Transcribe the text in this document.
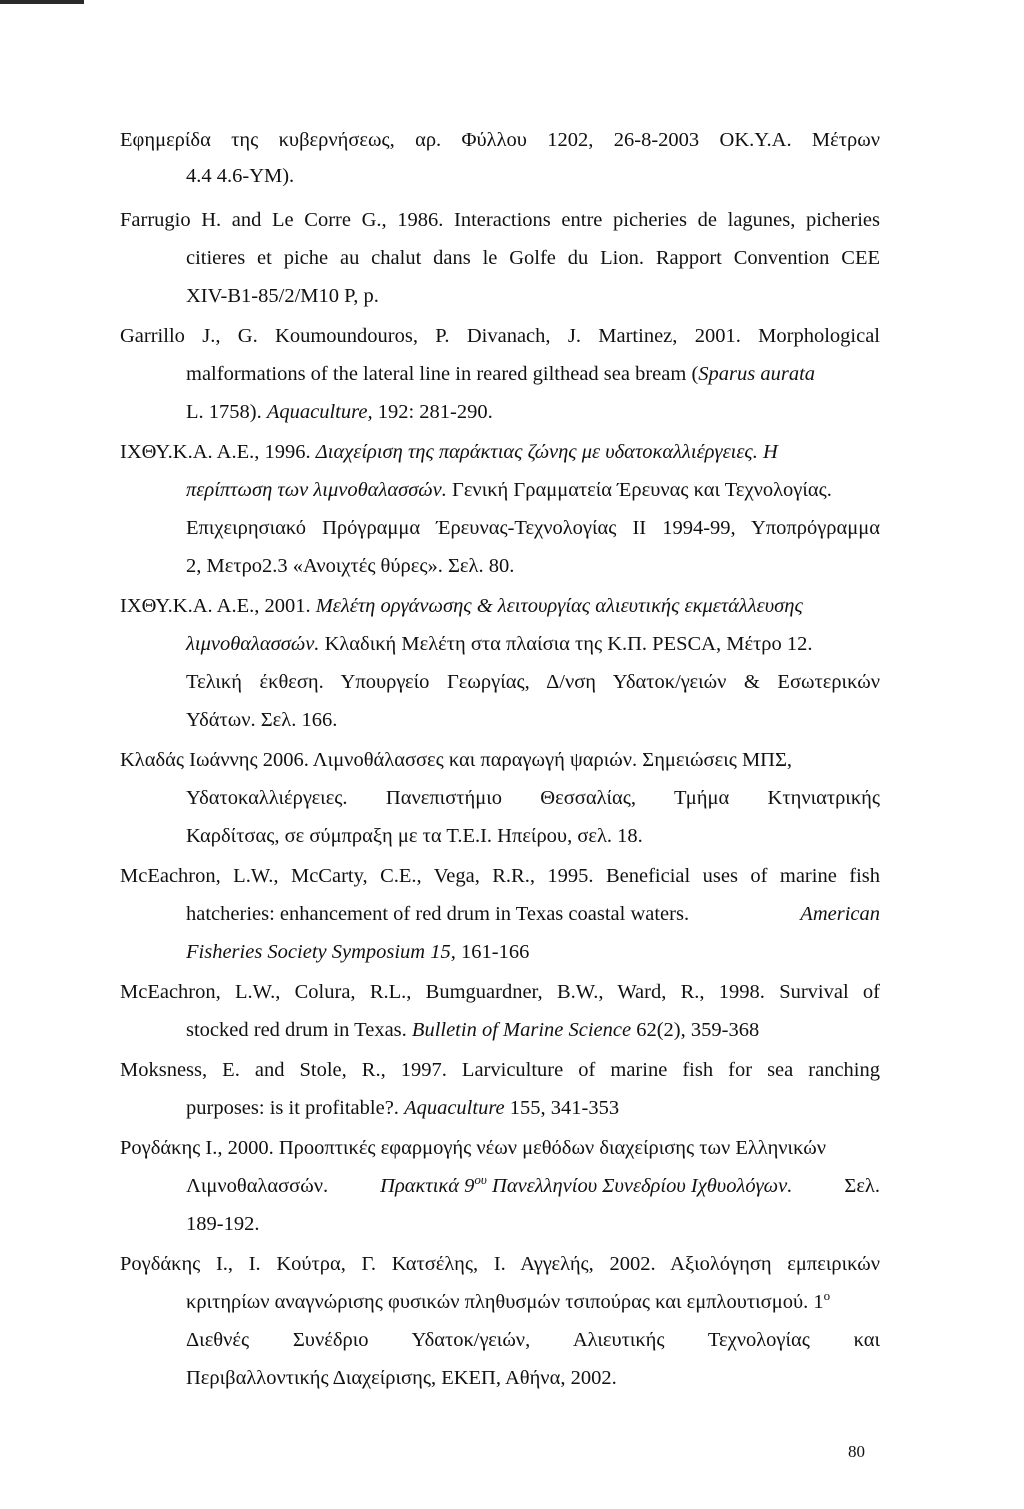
Εφημερίδα της κυβερνήσεως, αρ. Φύλλου 1202, 26-8-2003 ΟΚ.Υ.Α. Μέτρων
4.4 4.6-ΥΜ).
Farrugio H. and Le Corre G., 1986. Interactions entre picheries de lagunes, picheries
citieres et piche au chalut dans le Golfe du Lion. Rapport Convention CEE
XIV-B1-85/2/M10 P, p.
Garrillo J., G. Koumoundouros, P. Divanach, J. Martinez, 2001. Morphological
malformations of the lateral line in reared gilthead sea bream (Sparus aurata
L. 1758). Aquaculture, 192: 281-290.
ΙΧΘΥ.Κ.Α. Α.Ε., 1996. Διαχείριση της παράκτιας ζώνης με υδατοκαλλιέργειες. Η
περίπτωση των λιμνοθαλασσών. Γενική Γραμματεία Έρευνας και Τεχνολογίας.
Επιχειρησιακό Πρόγραμμα Έρευνας-Τεχνολογίας ΙΙ 1994-99, Υποπρόγραμμα
2, Μετρο2.3 «Ανοιχτές θύρες». Σελ. 80.
ΙΧΘΥ.Κ.Α. Α.Ε., 2001. Μελέτη οργάνωσης & λειτουργίας αλιευτικής εκμετάλλευσης
λιμνοθαλασσών. Κλαδική Μελέτη στα πλαίσια της Κ.Π. PESCA, Μέτρο 12.
Τελική έκθεση. Υπουργείο Γεωργίας, Δ/νση Υδατοκ/γειών & Εσωτερικών
Υδάτων. Σελ. 166.
Κλαδάς Ιωάννης 2006. Λιμνοθάλασσες και παραγωγή ψαριών. Σημειώσεις ΜΠΣ,
Υδατοκαλλιέργειες. Πανεπιστήμιο Θεσσαλίας, Τμήμα Κτηνιατρικής
Καρδίτσας, σε σύμπραξη με τα Τ.Ε.Ι. Ηπείρου, σελ. 18.
McEachron, L.W., McCarty, C.E., Vega, R.R., 1995. Beneficial uses of marine fish
hatcheries: enhancement of red drum in Texas coastal waters.	American
Fisheries Society Symposium 15, 161-166
McEachron, L.W., Colura, R.L., Bumguardner, B.W., Ward, R., 1998. Survival of
stocked red drum in Texas. Bulletin of Marine Science 62(2), 359-368
Moksness, E. and Stole, R., 1997. Larviculture of marine fish for sea ranching
purposes: is it profitable?. Aquaculture 155, 341-353
Ρογδάκης Ι., 2000. Προοπτικές εφαρμογής νέων μεθόδων διαχείρισης των Ελληνικών
Λιμνοθαλασσών.	Πρακτικά $9^{o\upsilon}$ Πανελληνίου Συνεδρίου Ιχθυολόγων.	Σελ.
189-192.
Ρογδάκης Ι., Ι. Κούτρα, Γ. Κατσέλης, Ι. Αγγελής, 2002. Αξιολόγηση εμπειρικών
κριτηρίων αναγνώρισης φυσικών πληθυσμών τσιπούρας και εμπλουτισμού. $1^o$
Διεθνές Συνέδριο Υδατοκ/γειών, Αλιευτικής Τεχνολογίας και
Περιβαλλοντικής Διαχείρισης, ΕΚΕΠ, Αθήνα, 2002.
80
